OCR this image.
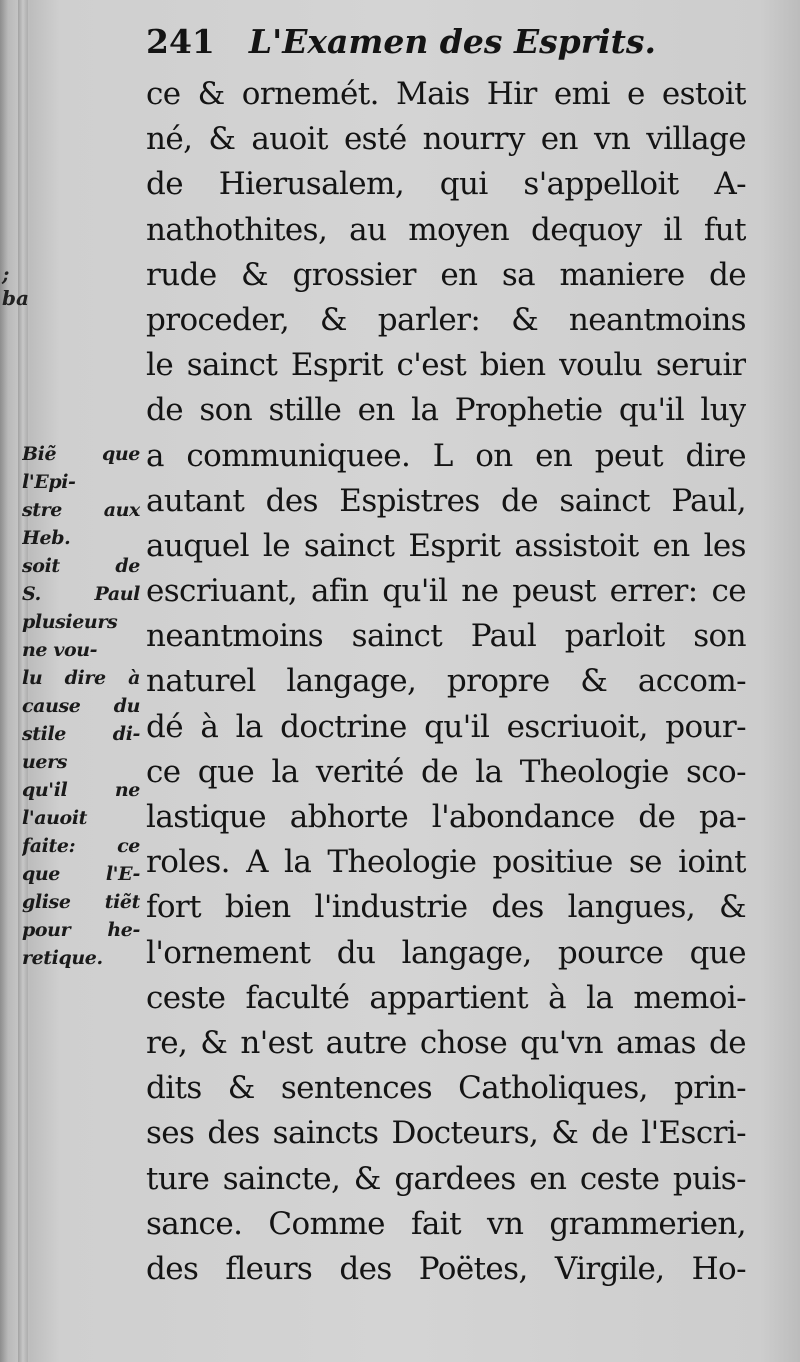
;
ba
241 L'Examen des Esprits.
ce & ornemét. Mais Hir emi e estoit
né, & auoit esté nourry en vn village
de Hierusalem, qui s'appelloit A-
nathothites, au moyen dequoy il fut
rude & grossier en sa maniere de
proceder, & parler: & neantmoins
le sainct Esprit c'est bien voulu seruir
de son stille en la Prophetie qu'il luy
a communiquee. L on en peut dire
autant des Espistres de sainct Paul,
auquel le sainct Esprit assistoit en les
escriuant, afin qu'il ne peust errer: ce
neantmoins sainct Paul parloit son
naturel langage, propre & accom-
dé à la doctrine qu'il escriuoit, pour-
ce que la verité de la Theologie sco-
lastique abhorte l'abondance de pa-
roles. A la Theologie positiue se ioint
fort bien l'industrie des langues, &
l'ornement du langage, pource que
ceste faculté appartient à la memoi-
re, & n'est autre chose qu'vn amas de
dits & sentences Catholiques, prin-
ses des saincts Docteurs, & de l'Escri-
ture saincte, & gardees en ceste puis-
sance. Comme fait vn grammerien,
des fleurs des Poëtes, Virgile, Ho-
Biẽ que
l'Epi-
stre aux
Heb.
soit de
S. Paul
plusieurs
ne vou-
lu dire à
cause du
stile di-
uers
qu'il ne
l'auoit
faite: ce
que l'E-
glise tiẽt
pour he-
retique.
